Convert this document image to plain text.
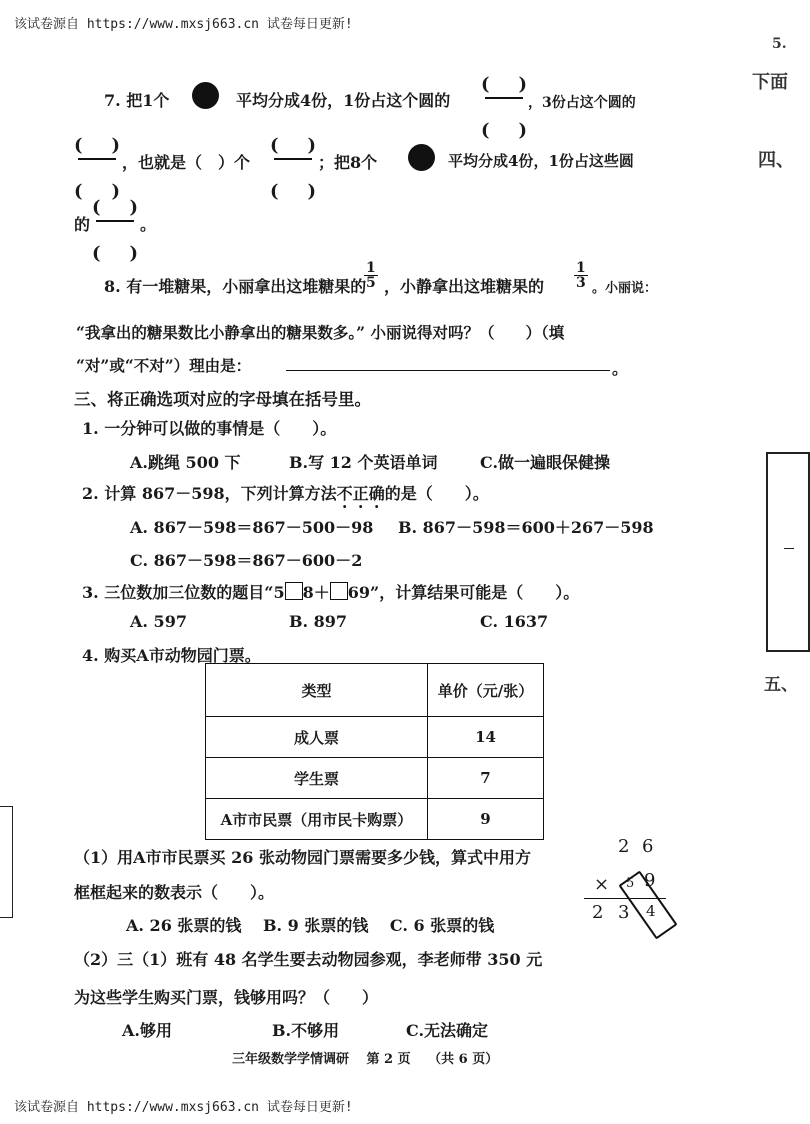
该试卷源自 https://www.mxsj663.cn 试卷每日更新!
该试卷源自 https://www.mxsj663.cn 试卷每日更新!
7. 把1个	平均分成4份，1份占这个圆的
( )
( )
，3份占这个圆的
( )
( )
，也就是（　）个
( )
( )
；把8个	平均分成4份，1份占这些圆
的
( )
( )
。
8. 有一堆糖果，小丽拿出这堆糖果的
$\frac{1}{5}$ ，小静拿出这堆糖果的 $\frac{1}{3}$ 。小丽说：
“我拿出的糖果数比小静拿出的糖果数多。” 小丽说得对吗？（　　）（填
“对”或“不对”）理由是：	。
三、将正确选项对应的字母填在括号里。
1. 一分钟可以做的事情是（　　）。
A.跳绳 500 下	B.写 12 个英语单词	C.做一遍眼保健操
2. 计算 867－598，下列计算方法不正确的是（　　）。
A. 867－598＝867－500－98 B. 867－598＝600＋267－598
C. 867－598＝867－600－2
3. 三位数加三位数的题目“5 8＋ 69”，计算结果可能是（　　）。
A. 597	B. 897	C. 1637
4. 购买A市动物园门票。
类型	单价（元/张）
成人票	14
学生票	7
A市市民票（用市民卡购票）	9
（1）用A市市民票买 26 张动物园门票需要多少钱，算式中用方
框框起来的数表示（　　）。
A. 26 张票的钱　 B. 9 张票的钱　 C. 6 张票的钱
（2）三（1）班有 48 名学生要去动物园参观，李老师带 350 元
为这些学生购买门票，钱够用吗？（　　）
A.够用	B.不够用	C.无法确定
2 6
× 5 9
2 3 4
三年级数学学情调研　 第 2 页　 （共 6 页）
5.
下面
四、
五、
